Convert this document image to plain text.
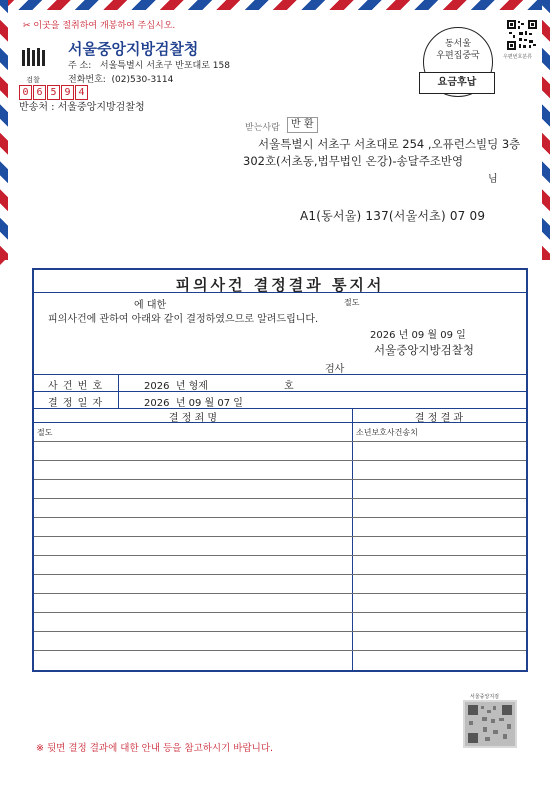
✂ 이곳을 절취하여 개봉하여 주십시오.
검찰
서울중앙지방검찰청
주 소: 서울특별시 서초구 반포대로 158
전화번호: (02)530-3114
0 6 5 9 4
반송처 : 서울중앙지방검찰청
동서울
우편집중국
요금후납
우편번호분류
받는사람	반 환
서울특별시 서초구 서초대로 254 ,오퓨런스빌딩 3층
302호(서초동,법무법인 온강)-송달주조반영
님
A1(동서울) 137(서울서초) 07 09
피의사건 결정결과 통지서
에 대한	절도
피의사건에 관하여 아래와 같이 결정하였으므로 알려드립니다.
2026 년 09 월 09 일
서울중앙지방검찰청
검사
사 건 번 호	2026 년 형제	호
결 정 일 자	2026 년 09 월 07 일
결 정 죄 명	결 정 결 과
절도	소년보호사건송치
서울중앙지검
※ 뒷면 결정 결과에 대한 안내 등을 참고하시기 바랍니다.
